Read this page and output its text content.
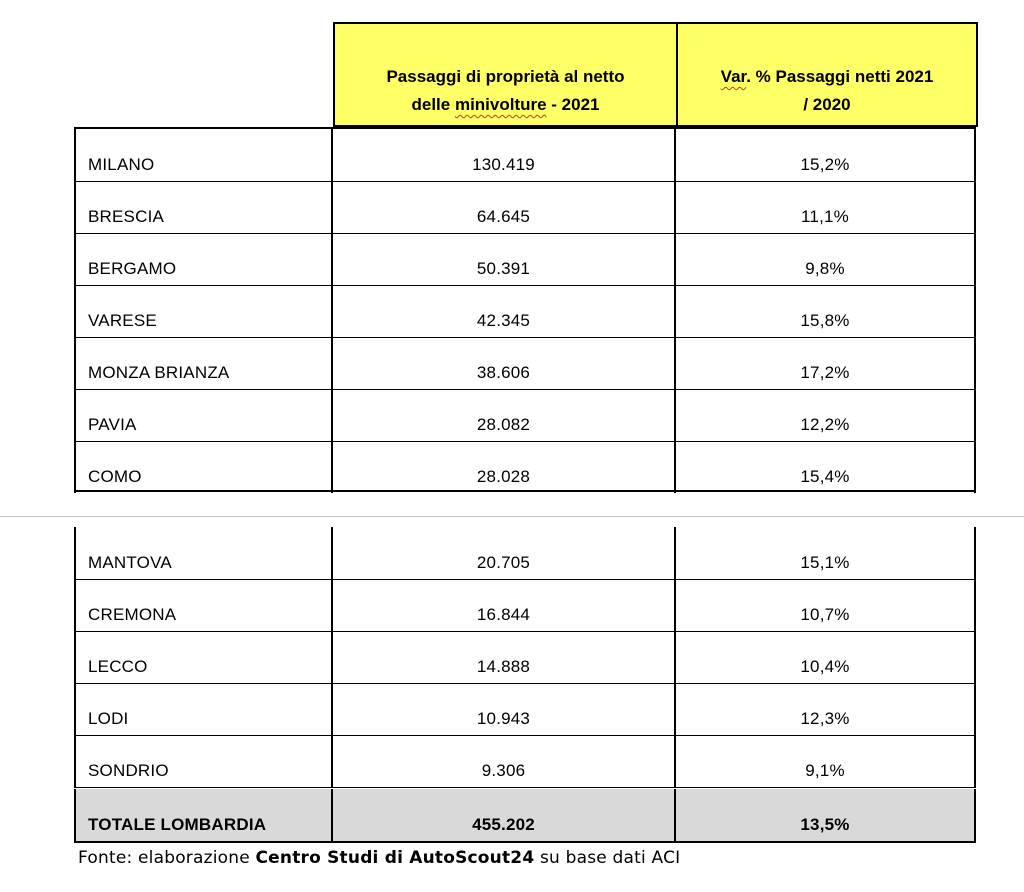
Passaggi di proprietà al netto
delle minivolture - 2021
Var. % Passaggi netti 2021
/ 2020
MILANO	130.419	15,2%
BRESCIA	64.645	11,1%
BERGAMO	50.391	9,8%
VARESE	42.345	15,8%
MONZA BRIANZA	38.606	17,2%
PAVIA	28.082	12,2%
COMO	28.028	15,4%
MANTOVA	20.705	15,1%
CREMONA	16.844	10,7%
LECCO	14.888	10,4%
LODI	10.943	12,3%
SONDRIO	9.306	9,1%
TOTALE LOMBARDIA	455.202	13,5%
Fonte: elaborazione Centro Studi di AutoScout24 su base dati ACI
